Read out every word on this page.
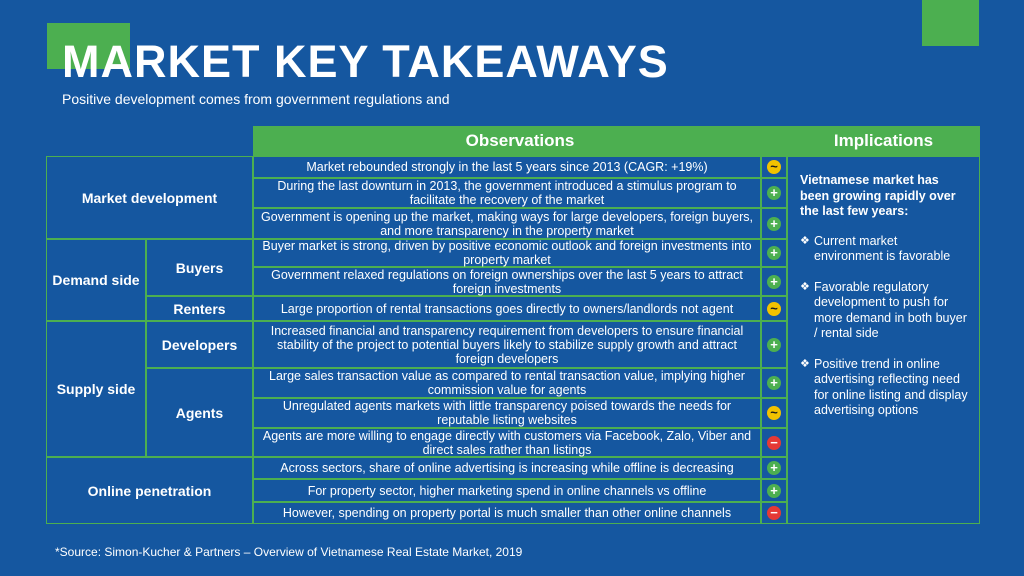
MARKET KEY TAKEAWAYS
Positive development comes from government regulations and
Observations	Implications
Market development
Demand side
Buyers
Renters
Supply side
Developers
Agents
Online penetration
Market rebounded strongly in the last 5 years since 2013 (CAGR: +19%)
During the last downturn in 2013, the government introduced a stimulus program to facilitate the recovery of the market
Government is opening up the market, making ways for large developers, foreign buyers, and more transparency in the property market
Buyer market is strong, driven by positive economic outlook and foreign investments into property market
Government relaxed regulations on foreign ownerships over the last 5 years to attract foreign investments
Large proportion of rental transactions goes directly to owners/landlords not agent
Increased financial and transparency requirement from developers to ensure financial stability of the project to potential buyers likely to stabilize supply growth and attract foreign developers
Large sales transaction value as compared to rental transaction value, implying higher commission value for agents
Unregulated agents markets with little transparency poised towards the needs for reputable listing websites
Agents are more willing to engage directly with customers via Facebook, Zalo, Viber and direct sales rather than listings
Across sectors, share of online advertising is increasing while offline is decreasing
For property sector, higher marketing spend in online channels vs offline
However, spending on property portal is much smaller than other online channels
Vietnamese market has been growing rapidly over the last few years:
❖ Current market environment is favorable
❖ Favorable regulatory development to push for more demand in both buyer / rental side
❖ Positive trend in online advertising reflecting need for online listing and display advertising options
~
+
+
+
+
~
+
+
~
−
+
+
−
*Source: Simon-Kucher & Partners – Overview of Vietnamese Real Estate Market, 2019
